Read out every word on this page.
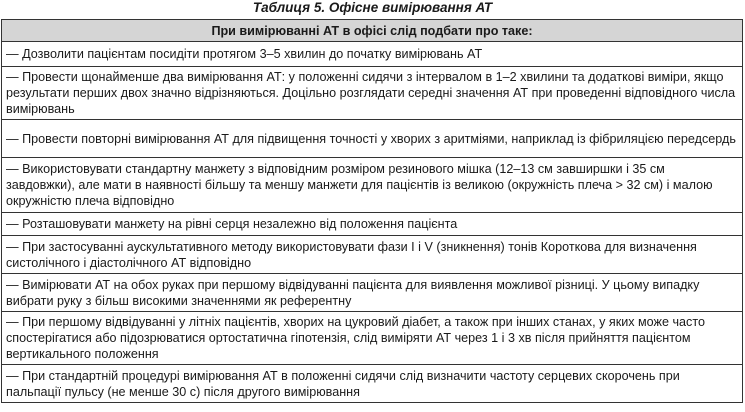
Таблиця 5. Офісне вимірювання АТ
При вимірюванні АТ в офісі слід подбати про таке:
— Дозволити пацієнтам посидіти протягом 3–5 хвилин до початку вимірювань АТ
— Провести щонайменше два вимірювання АТ: у положенні сидячи з інтервалом в 1–2 хвилини та додаткові виміри, якщо результати перших двох значно відрізняються. Доцільно розглядати середні значення АТ при проведенні відповідного числа вимірювань
— Провести повторні вимірювання АТ для підвищення точності у хворих з аритміями, наприклад із фібриляцією передсердь
— Використовувати стандартну манжету з відповідним розміром резинового мішка (12–13 см завширшки і 35 см завдовжки), але мати в наявності більшу та меншу манжети для пацієнтів із великою (окружність плеча > 32 см) і малою окружністю плеча відповідно
— Розташовувати манжету на рівні серця незалежно від положення пацієнта
— При застосуванні аускультативного методу використовувати фази I і V (зникнення) тонів Короткова для визначення систолічного і діастолічного АТ відповідно
— Вимірювати АТ на обох руках при першому відвідуванні пацієнта для виявлення можливої різниці. У цьому випадку вибрати руку з більш високими значеннями як референтну
— При першому відвідуванні у літніх пацієнтів, хворих на цукровий діабет, а також при інших станах, у яких може часто спостерігатися або підозрюватися ортостатична гіпотензія, слід виміряти АТ через 1 і 3 хв після прийняття пацієнтом вертикального положення
— При стандартній процедурі вимірювання АТ в положенні сидячи слід визначити частоту серцевих скорочень при пальпації пульсу (не менше 30 с) після другого вимірювання
